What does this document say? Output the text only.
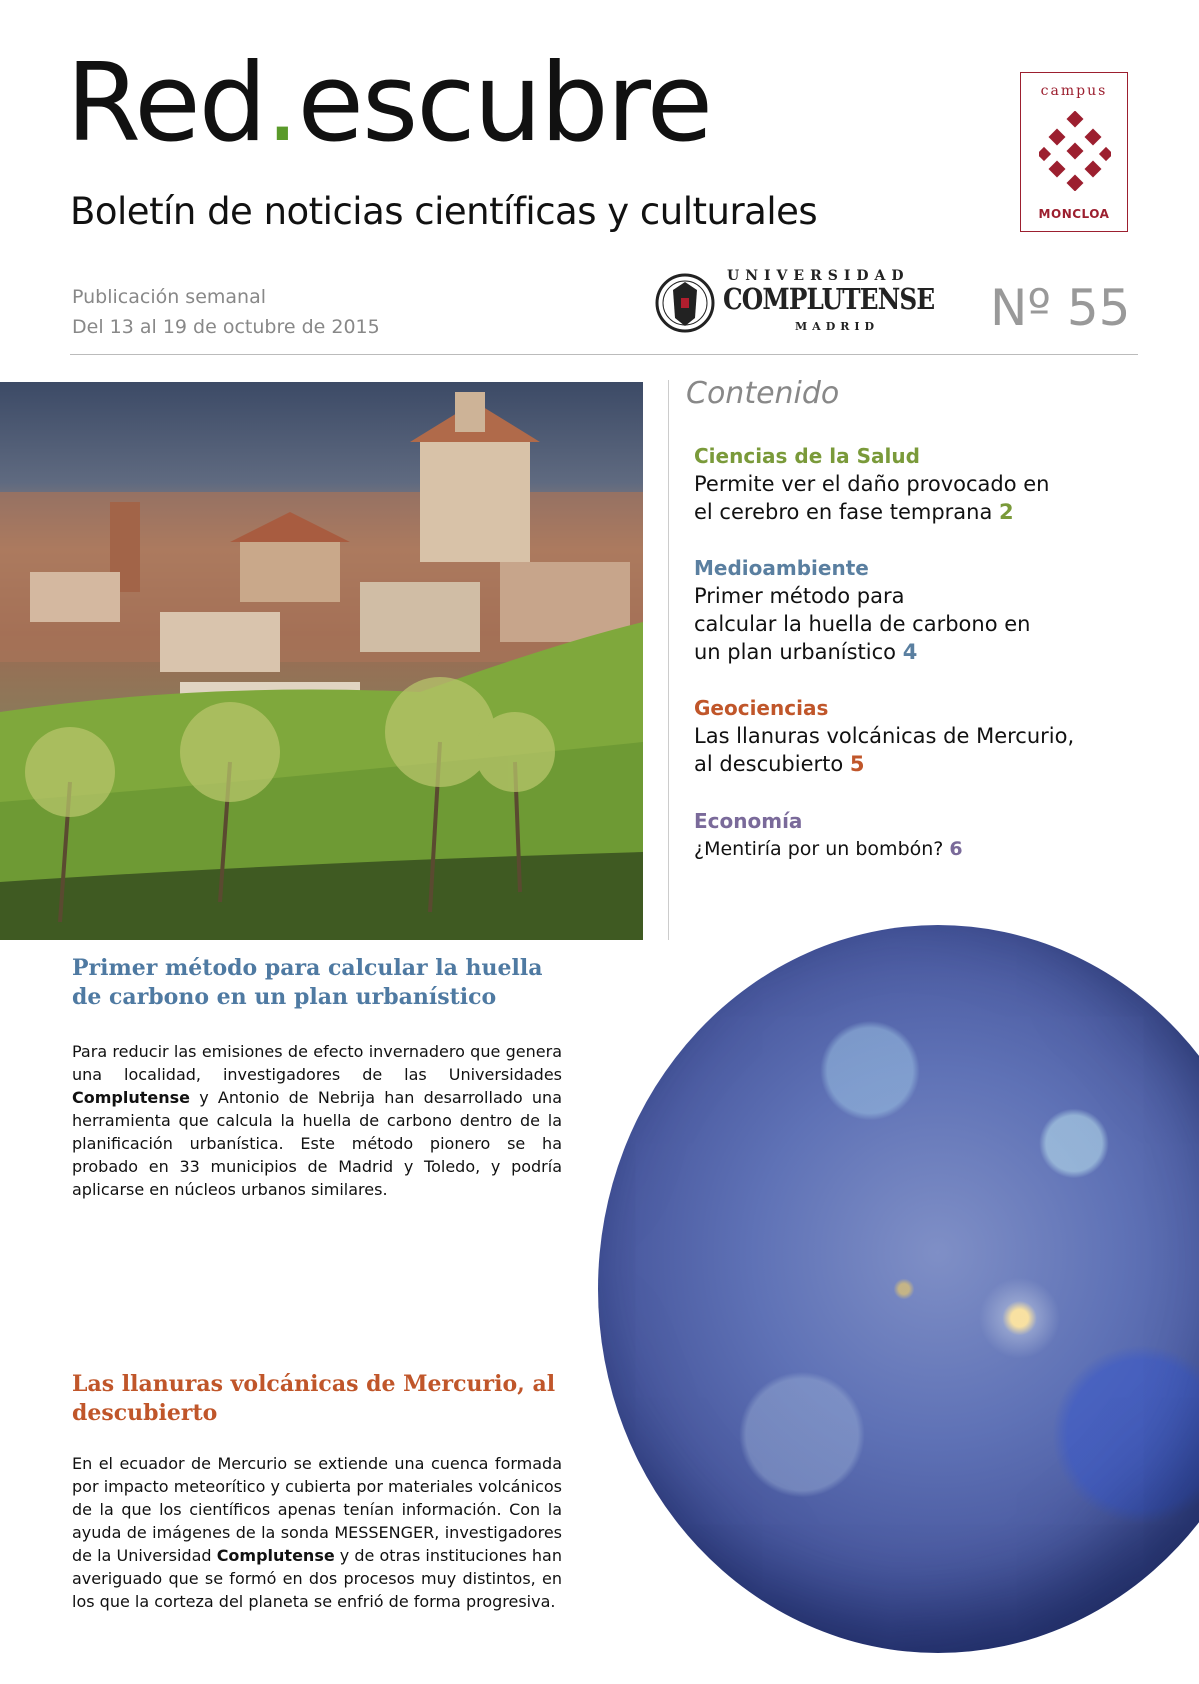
Red.escubre
Boletín de noticias científicas y culturales
campus
MONCLOA
Publicación semanal
Del 13 al 19 de octubre de 2015
UNIVERSIDAD
COMPLUTENSE
MADRID Nº 55
Contenido
Ciencias de la Salud
Permite ver el daño provocado en
el cerebro en fase temprana 2
Medioambiente
Primer método para
calcular la huella de carbono en
un plan urbanístico 4
Geociencias
Las llanuras volcánicas de Mercurio,
al descubierto 5
Economía
¿Mentiría por un bombón? 6
Primer método para calcular la huella de carbono en un plan urbanístico
Para reducir las emisiones de efecto invernadero que genera una localidad, investigadores de las Universidades Complutense y Antonio de Nebrija han desarrollado una herramienta que calcula la huella de carbono dentro de la planificación urbanística. Este método pionero se ha probado en 33 municipios de Madrid y Toledo, y podría aplicarse en núcleos urbanos similares.
Las llanuras volcánicas de Mercurio, al descubierto
En el ecuador de Mercurio se extiende una cuenca formada por impacto meteorítico y cubierta por materiales volcánicos de la que los científicos apenas tenían información. Con la ayuda de imágenes de la sonda MESSENGER, investigadores de la Universidad Complutense y de otras instituciones han averiguado que se formó en dos procesos muy distintos, en los que la corteza del planeta se enfrió de forma progresiva.
